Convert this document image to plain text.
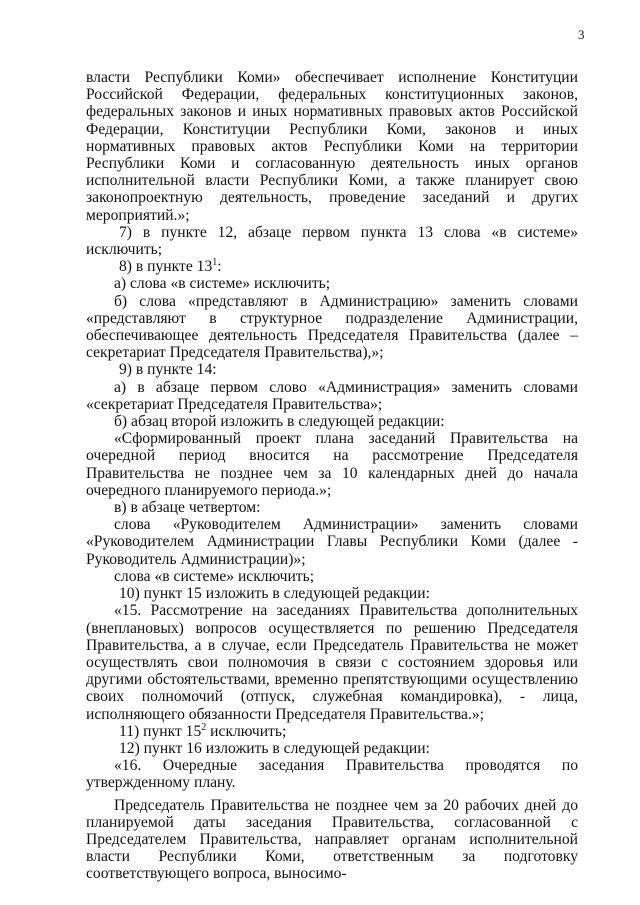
3

власти Республики Коми» обеспечивает исполнение Конституции Российской Федерации, федеральных конституционных законов, федеральных законов и иных нормативных правовых актов Российской Федерации, Конституции Республики Коми, законов и иных нормативных правовых актов Республики Коми на территории Республики Коми и согласованную деятельность иных органов исполнительной власти Республики Коми, а также планирует свою законопроектную деятельность, проведение заседаний и других мероприятий.»;

7) в пункте 12, абзаце первом пункта 13 слова «в системе» исключить;

8) в пункте $13^1$:

а) слова «в системе» исключить;

б) слова «представляют в Администрацию» заменить словами «представляют в структурное подразделение Администрации, обеспечивающее деятельность Председателя Правительства (далее – секретариат Председателя Правительства),»;

9) в пункте 14:

а) в абзаце первом слово «Администрация» заменить словами «секретариат Председателя Правительства»;

б) абзац второй изложить в следующей редакции:

«Сформированный проект плана заседаний Правительства на очередной период вносится на рассмотрение Председателя Правительства не позднее чем за 10 календарных дней до начала очередного планируемого периода.»;

в) в абзаце четвертом:

слова «Руководителем Администрации» заменить словами «Руководителем Администрации Главы Республики Коми (далее - Руководитель Администрации)»;

слова «в системе» исключить;

10) пункт 15 изложить в следующей редакции:

«15. Рассмотрение на заседаниях Правительства дополнительных (внеплановых) вопросов осуществляется по решению Председателя Правительства, а в случае, если Председатель Правительства не может осуществлять свои полномочия в связи с состоянием здоровья или другими обстоятельствами, временно препятствующими осуществлению своих полномочий (отпуск, служебная командировка), - лица, исполняющего обязанности Председателя Правительства.»;

11) пункт $15^2$ исключить;

12) пункт 16 изложить в следующей редакции:

«16. Очередные заседания Правительства проводятся по утвержденному плану.

Председатель Правительства не позднее чем за 20 рабочих дней до планируемой даты заседания Правительства, согласованной с Председателем Правительства, направляет органам исполнительной власти Республики Коми, ответственным за подготовку соответствующего вопроса, выносимо-
